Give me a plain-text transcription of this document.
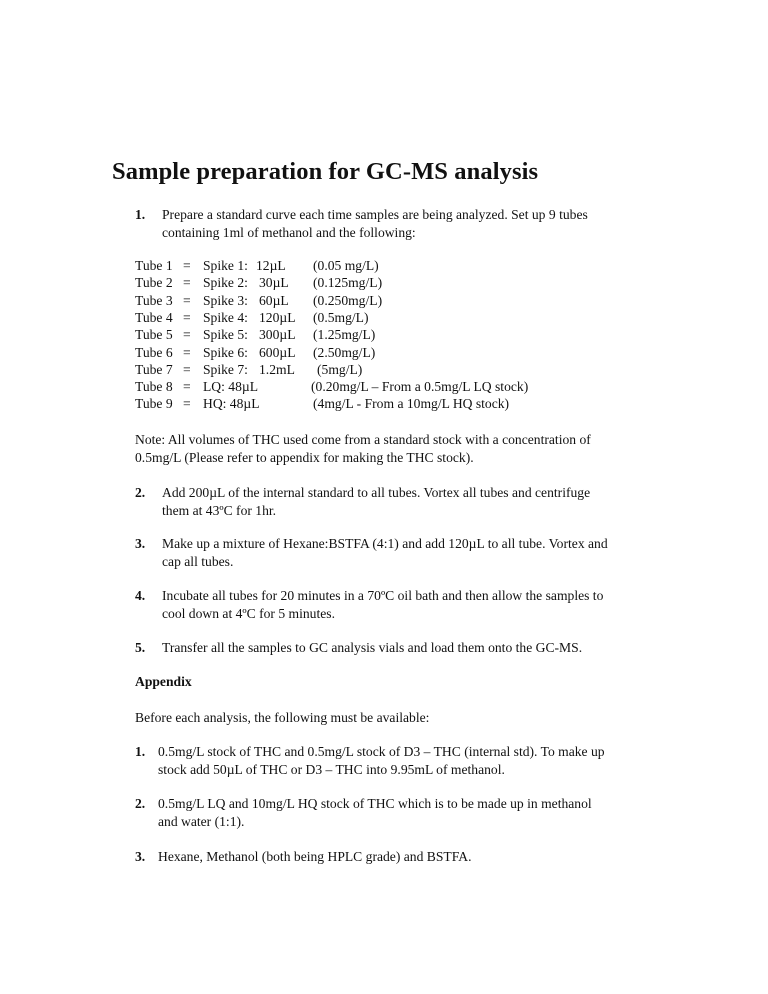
Sample preparation for GC-MS analysis
1. Prepare a standard curve each time samples are being analyzed. Set up 9 tubes
containing 1ml of methanol and the following:
Tube 1 = Spike 1: 12µL (0.05 mg/L)
Tube 2 = Spike 2: 30µL (0.125mg/L)
Tube 3 = Spike 3: 60µL (0.250mg/L)
Tube 4 = Spike 4: 120µL (0.5mg/L)
Tube 5 = Spike 5: 300µL (1.25mg/L)
Tube 6 = Spike 6: 600µL (2.50mg/L)
Tube 7 = Spike 7: 1.2mL (5mg/L)
Tube 8 = LQ: 48µL	(0.20mg/L – From a 0.5mg/L LQ stock)
Tube 9 = HQ: 48µL	(4mg/L - From a 10mg/L HQ stock)
Note: All volumes of THC used come from a standard stock with a concentration of
0.5mg/L (Please refer to appendix for making the THC stock).
2. Add 200µL of the internal standard to all tubes. Vortex all tubes and centrifuge
them at 43ºC for 1hr.
3. Make up a mixture of Hexane:BSTFA (4:1) and add 120µL to all tube. Vortex and
cap all tubes.
4. Incubate all tubes for 20 minutes in a 70ºC oil bath and then allow the samples to
cool down at 4ºC for 5 minutes.
5. Transfer all the samples to GC analysis vials and load them onto the GC-MS.
Appendix
Before each analysis, the following must be available:
1. 0.5mg/L stock of THC and 0.5mg/L stock of D3 – THC (internal std). To make up
stock add 50µL of THC or D3 – THC into 9.95mL of methanol.
2. 0.5mg/L LQ and 10mg/L HQ stock of THC which is to be made up in methanol
and water (1:1).
3. Hexane, Methanol (both being HPLC grade) and BSTFA.
